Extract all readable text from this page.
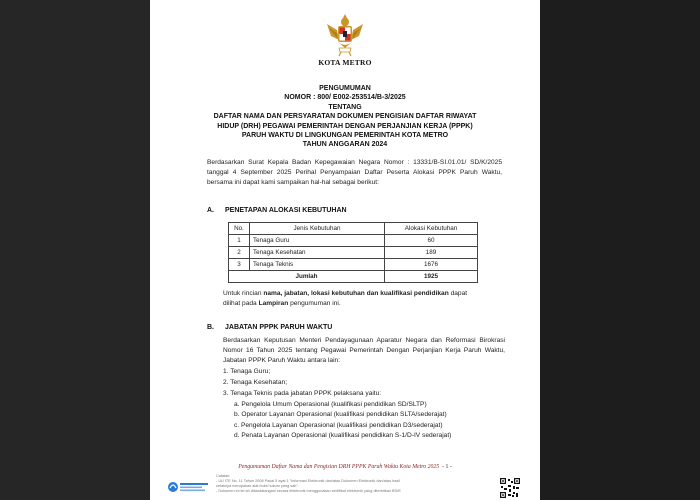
KOTA METRO
PENGUMUMAN
NOMOR : 800/ E002-253514/B-3/2025
TENTANG
DAFTAR NAMA DAN PERSYARATAN DOKUMEN PENGISIAN DAFTAR RIWAYAT
HIDUP (DRH) PEGAWAI PEMERINTAH DENGAN PERJANJIAN KERJA (PPPK)
PARUH WAKTU DI LINGKUNGAN PEMERINTAH KOTA METRO
TAHUN ANGGARAN 2024
Berdasarkan Surat Kepala Badan Kepegawaian Negara Nomor : 13331/B-SI.01.01/ SD/K/2025 tanggal 4 September 2025 Perihal Penyampaian Daftar Peserta Alokasi PPPK Paruh Waktu, bersama ini dapat kami sampaikan hal-hal sebagai berikut:
A. PENETAPAN ALOKASI KEBUTUHAN
No.	Jenis Kebutuhan	Alokasi Kebutuhan
1	Tenaga Guru	60
2	Tenaga Kesehatan	189
3	Tenaga Teknis	1676
Jumlah		1925
Untuk rincian nama, jabatan, lokasi kebutuhan dan kualifikasi pendidikan dapat
dilihat pada Lampiran pengumuman ini.
B. JABATAN PPPK PARUH WAKTU
Berdasarkan Keputusan Menteri Pendayagunaan Aparatur Negara dan Reformasi Birokrasi Nomor 16 Tahun 2025 tentang Pegawai Pemerintah Dengan Perjanjian Kerja Paruh Waktu, Jabatan PPPK Paruh Waktu antara lain:
1. Tenaga Guru;
2. Tenaga Kesehatan;
3. Tenaga Teknis pada jabatan PPPK pelaksana yaitu:
a. Pengelola Umum Operasional (kualifikasi pendidikan SD/SLTP)
b. Operator Layanan Operasional (kualifikasi pendidikan SLTA/sederajat)
c. Pengelola Layanan Operasional (kualifikasi pendidikan D3/sederajat)
d. Penata Layanan Operasional (kualifikasi pendidikan S-1/D-IV sederajat)
Pengumuman Daftar Nama dan Pengisian DRH PPPK Paruh Waktu Kota Metro 2025 - 1 -
Catatan:
- UU ITE No. 11 Tahun 2008 Pasal 5 ayat 1 "Informasi Elektronik dan/atau Dokumen Elektronik dan/atau hasil cetaknya merupakan alat bukti hukum yang sah".
- Dokumen ini tel ah ditandatangani secara elektronik menggunakan sertifikat elektronik yang diterbitkan BSrE
